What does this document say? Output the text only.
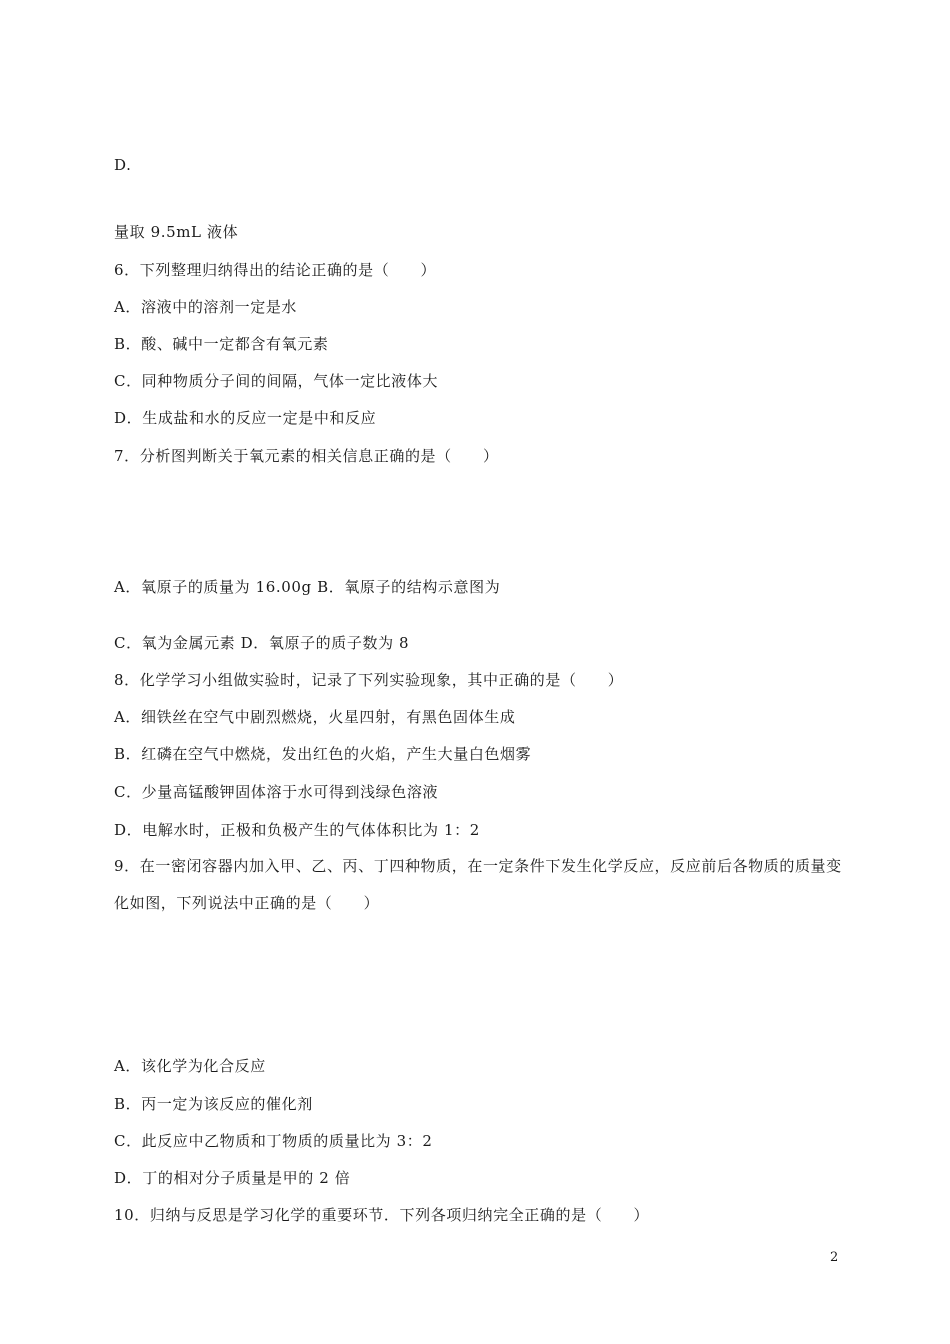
D.
量取 9.5mL 液体
6．下列整理归纳得出的结论正确的是（　　）
A．溶液中的溶剂一定是水
B．酸、碱中一定都含有氧元素
C．同种物质分子间的间隔，气体一定比液体大
D．生成盐和水的反应一定是中和反应
7．分析图判断关于氧元素的相关信息正确的是（　　）
A．氧原子的质量为 16.00g B．氧原子的结构示意图为
C．氧为金属元素 D．氧原子的质子数为 8
8．化学学习小组做实验时，记录了下列实验现象，其中正确的是（　　）
A．细铁丝在空气中剧烈燃烧，火星四射，有黑色固体生成
B．红磷在空气中燃烧，发出红色的火焰，产生大量白色烟雾
C．少量高锰酸钾固体溶于水可得到浅绿色溶液
D．电解水时，正极和负极产生的气体体积比为 1：2
9．在一密闭容器内加入甲、乙、丙、丁四种物质，在一定条件下发生化学反应，反应前后各物质的质量变化如图，下列说法中正确的是（　　）
A．该化学为化合反应
B．丙一定为该反应的催化剂
C．此反应中乙物质和丁物质的质量比为 3：2
D．丁的相对分子质量是甲的 2 倍
10．归纳与反思是学习化学的重要环节．下列各项归纳完全正确的是（　　）
2
